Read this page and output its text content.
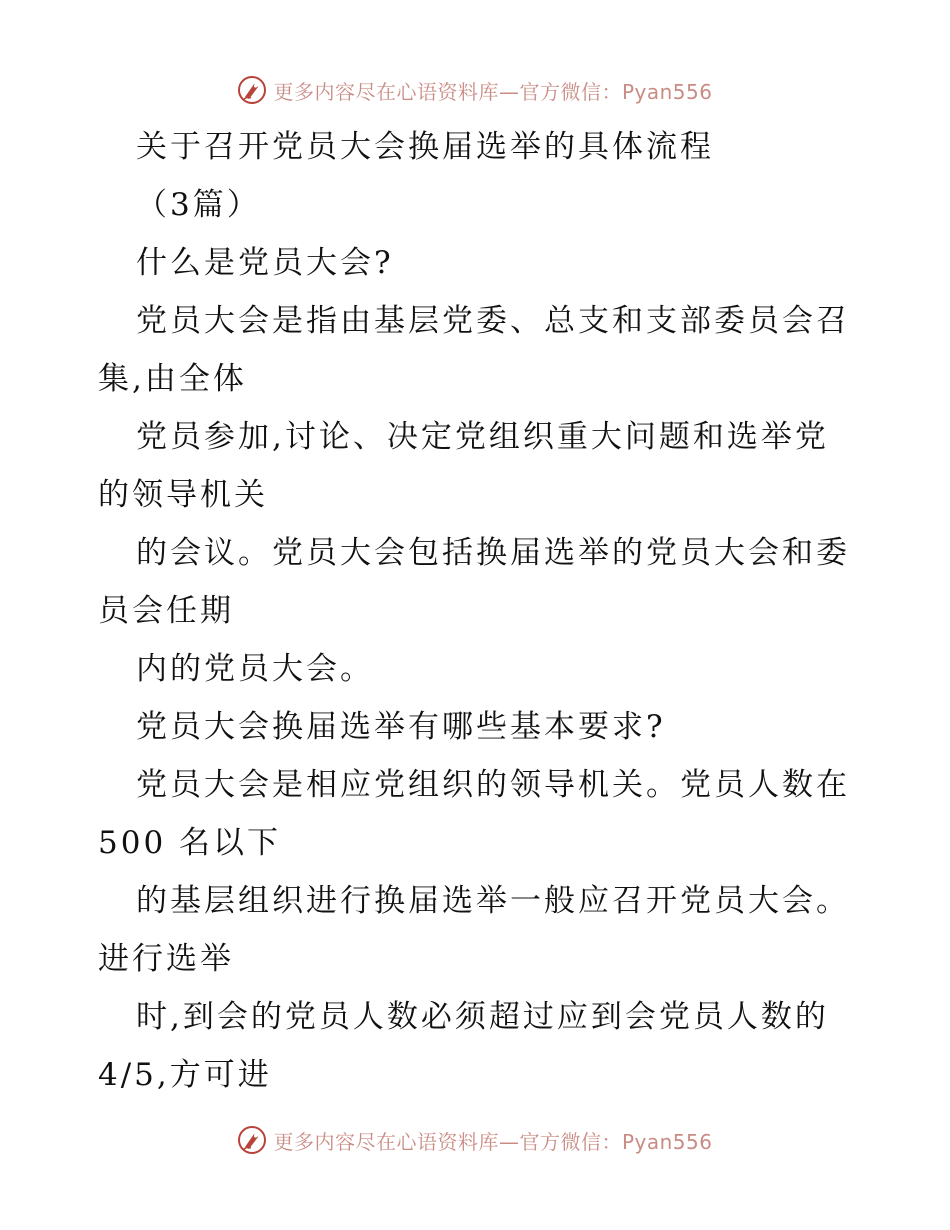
更多内容尽在心语资料库—官方微信：Pyan556
关于召开党员大会换届选举的具体流程
（3篇）
什么是党员大会?
党员大会是指由基层党委、总支和支部委员会召
集,由全体
党员参加,讨论、决定党组织重大问题和选举党
的领导机关
的会议。党员大会包括换届选举的党员大会和委
员会任期
内的党员大会。
党员大会换届选举有哪些基本要求?
党员大会是相应党组织的领导机关。党员人数在
500 名以下
的基层组织进行换届选举一般应召开党员大会。
进行选举
时,到会的党员人数必须超过应到会党员人数的
4/5,方可进
更多内容尽在心语资料库—官方微信：Pyan556
